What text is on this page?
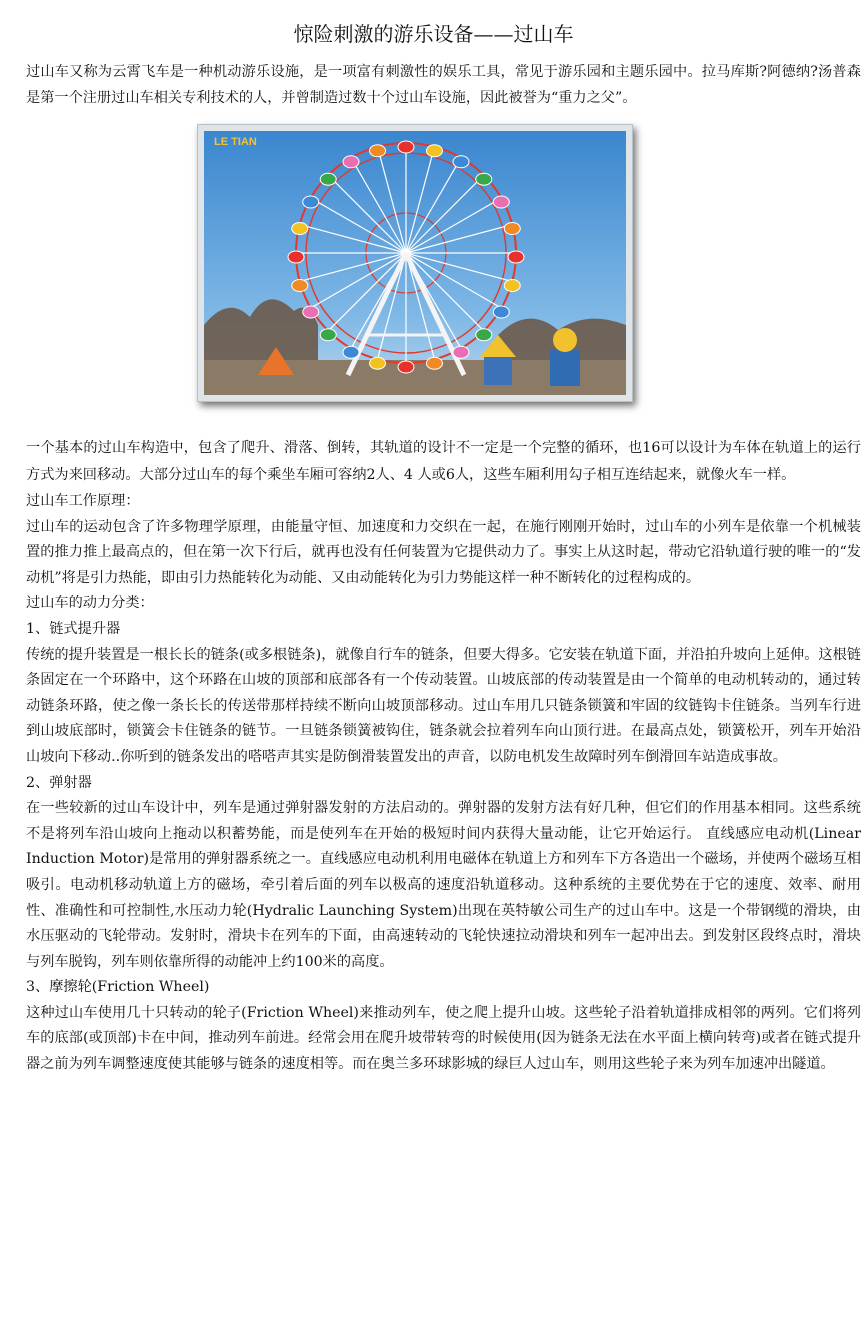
惊险刺激的游乐设备——过山车

过山车又称为云霄飞车是一种机动游乐设施，是一项富有刺激性的娱乐工具，常见于游乐园和主题乐园中。拉马库斯?阿德纳?汤普森是第一个注册过山车相关专利技术的人，并曾制造过数十个过山车设施，因此被誉为“重力之父”。

LE TIAN

一个基本的过山车构造中，包含了爬升、滑落、倒转，其轨道的设计不一定是一个完整的循环，也16可以设计为车体在轨道上的运行方式为来回移动。大部分过山车的每个乘坐车厢可容纳2人、4 人或6人，这些车厢利用勾子相互连结起来，就像火车一样。

过山车工作原理：

过山车的运动包含了许多物理学原理，由能量守恒、加速度和力交织在一起，在施行刚刚开始时，过山车的小列车是依靠一个机械装置的推力推上最高点的，但在第一次下行后，就再也没有任何装置为它提供动力了。事实上从这时起，带动它沿轨道行驶的唯一的“发动机”将是引力热能，即由引力热能转化为动能、又由动能转化为引力势能这样一种不断转化的过程构成的。

过山车的动力分类：

1、链式提升器

传统的提升装置是一根长长的链条(或多根链条)，就像自行车的链条，但要大得多。它安装在轨道下面，并沿拍升坡向上延伸。这根链条固定在一个环路中，这个环路在山坡的顶部和底部各有一个传动装置。山坡底部的传动装置是由一个简单的电动机转动的，通过转动链条环路，使之像一条长长的传送带那样持续不断向山坡顶部移动。过山车用几只链条锁簧和牢固的纹链钩卡住链条。当列车行进到山坡底部时，锁簧会卡住链条的链节。一旦链条锁簧被钩住，链条就会拉着列车向山顶行进。在最高点处，锁簧松开，列车开始沿山坡向下移动..你听到的链条发出的嗒嗒声其实是防倒滑装置发出的声音，以防电机发生故障时列车倒滑回车站造成事故。

2、弹射器

在一些较新的过山车设计中，列车是通过弹射器发射的方法启动的。弹射器的发射方法有好几种，但它们的作用基本相同。这些系统不是将列车沿山坡向上拖动以积蓄势能，而是使列车在开始的极短时间内获得大量动能，让它开始运行。 直线感应电动机(Linear Induction Motor)是常用的弹射器系统之一。直线感应电动机利用电磁体在轨道上方和列车下方各造出一个磁场，并使两个磁场互相吸引。电动机移动轨道上方的磁场，牵引着后面的列车以极高的速度沿轨道移动。这种系统的主要优势在于它的速度、效率、耐用性、准确性和可控制性,水压动力轮(Hydralic Launching System)出现在英特敏公司生产的过山车中。这是一个带钢缆的滑块，由水压驱动的飞轮带动。发射时，滑块卡在列车的下面，由高速转动的飞轮快速拉动滑块和列车一起冲出去。到发射区段终点时，滑块与列车脱钩，列车则依靠所得的动能冲上约100米的高度。

3、摩擦轮(Friction Wheel)

这种过山车使用几十只转动的轮子(Friction Wheel)来推动列车，使之爬上提升山坡。这些轮子沿着轨道排成相邻的两列。它们将列车的底部(或顶部)卡在中间，推动列车前进。经常会用在爬升坡带转弯的时候使用(因为链条无法在水平面上横向转弯)或者在链式提升器之前为列车调整速度使其能够与链条的速度相等。而在奥兰多环球影城的绿巨人过山车，则用这些轮子来为列车加速冲出隧道。
